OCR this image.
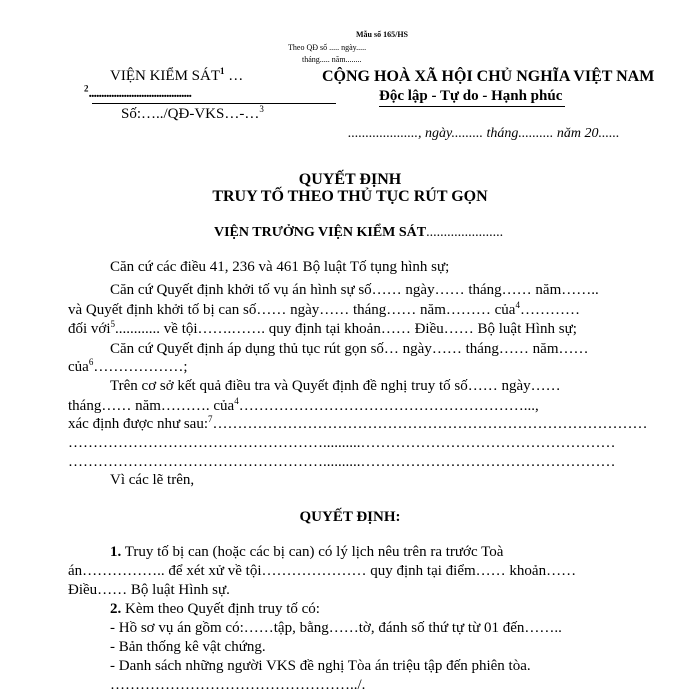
Mẫu số 165/HS
Theo QĐ số ..... ngày.....
tháng..... năm........
VIỆN KIỂM SÁT$^1$ …
$^2$.........................................
Số:…../QĐ-VKS…-…$^3$
CỘNG HOÀ XÃ HỘI CHỦ NGHĨA VIỆT NAM
Độc lập - Tự do - Hạnh phúc
...................., ngày......... tháng.......... năm 20......
QUYẾT ĐỊNH
TRUY TỐ THEO THỦ TỤC RÚT GỌN
VIỆN TRƯỞNG VIỆN KIỂM SÁT......................
Căn cứ các điều 41, 236 và 461 Bộ luật Tố tụng hình sự;
Căn cứ Quyết định khởi tố vụ án hình sự số…… ngày…… tháng…… năm……..
và Quyết định khởi tố bị can số…… ngày…… tháng…… năm……… của$^4$…………
đối với$^5$............ về tội…….……. quy định tại khoản…… Điều…… Bộ luật Hình sự;
Căn cứ Quyết định áp dụng thủ tục rút gọn số… ngày…… tháng…… năm……
của$^6$………………;
Trên cơ sở kết quả điều tra và Quyết định đề nghị truy tố số…… ngày……
tháng…… năm………. của$^4$…………………………………………………...,
xác định được như sau:$^7$……………………………………………………………………………
……………………………………………..........……………………………………………
……………………………………………..........……………………………………………
Vì các lẽ trên,
QUYẾT ĐỊNH:
1. Truy tố bị can (hoặc các bị can) có lý lịch nêu trên ra trước Toà
án…………….. để xét xử về tội………………… quy định tại điểm…… khoản……
Điều…… Bộ luật Hình sự.
2. Kèm theo Quyết định truy tố có:
- Hồ sơ vụ án gồm có:……tập, bằng……tờ, đánh số thứ tự từ 01 đến……..
- Bản thống kê vật chứng.
- Danh sách những người VKS đề nghị Tòa án triệu tập đến phiên tòa.
…………………………………………../.
